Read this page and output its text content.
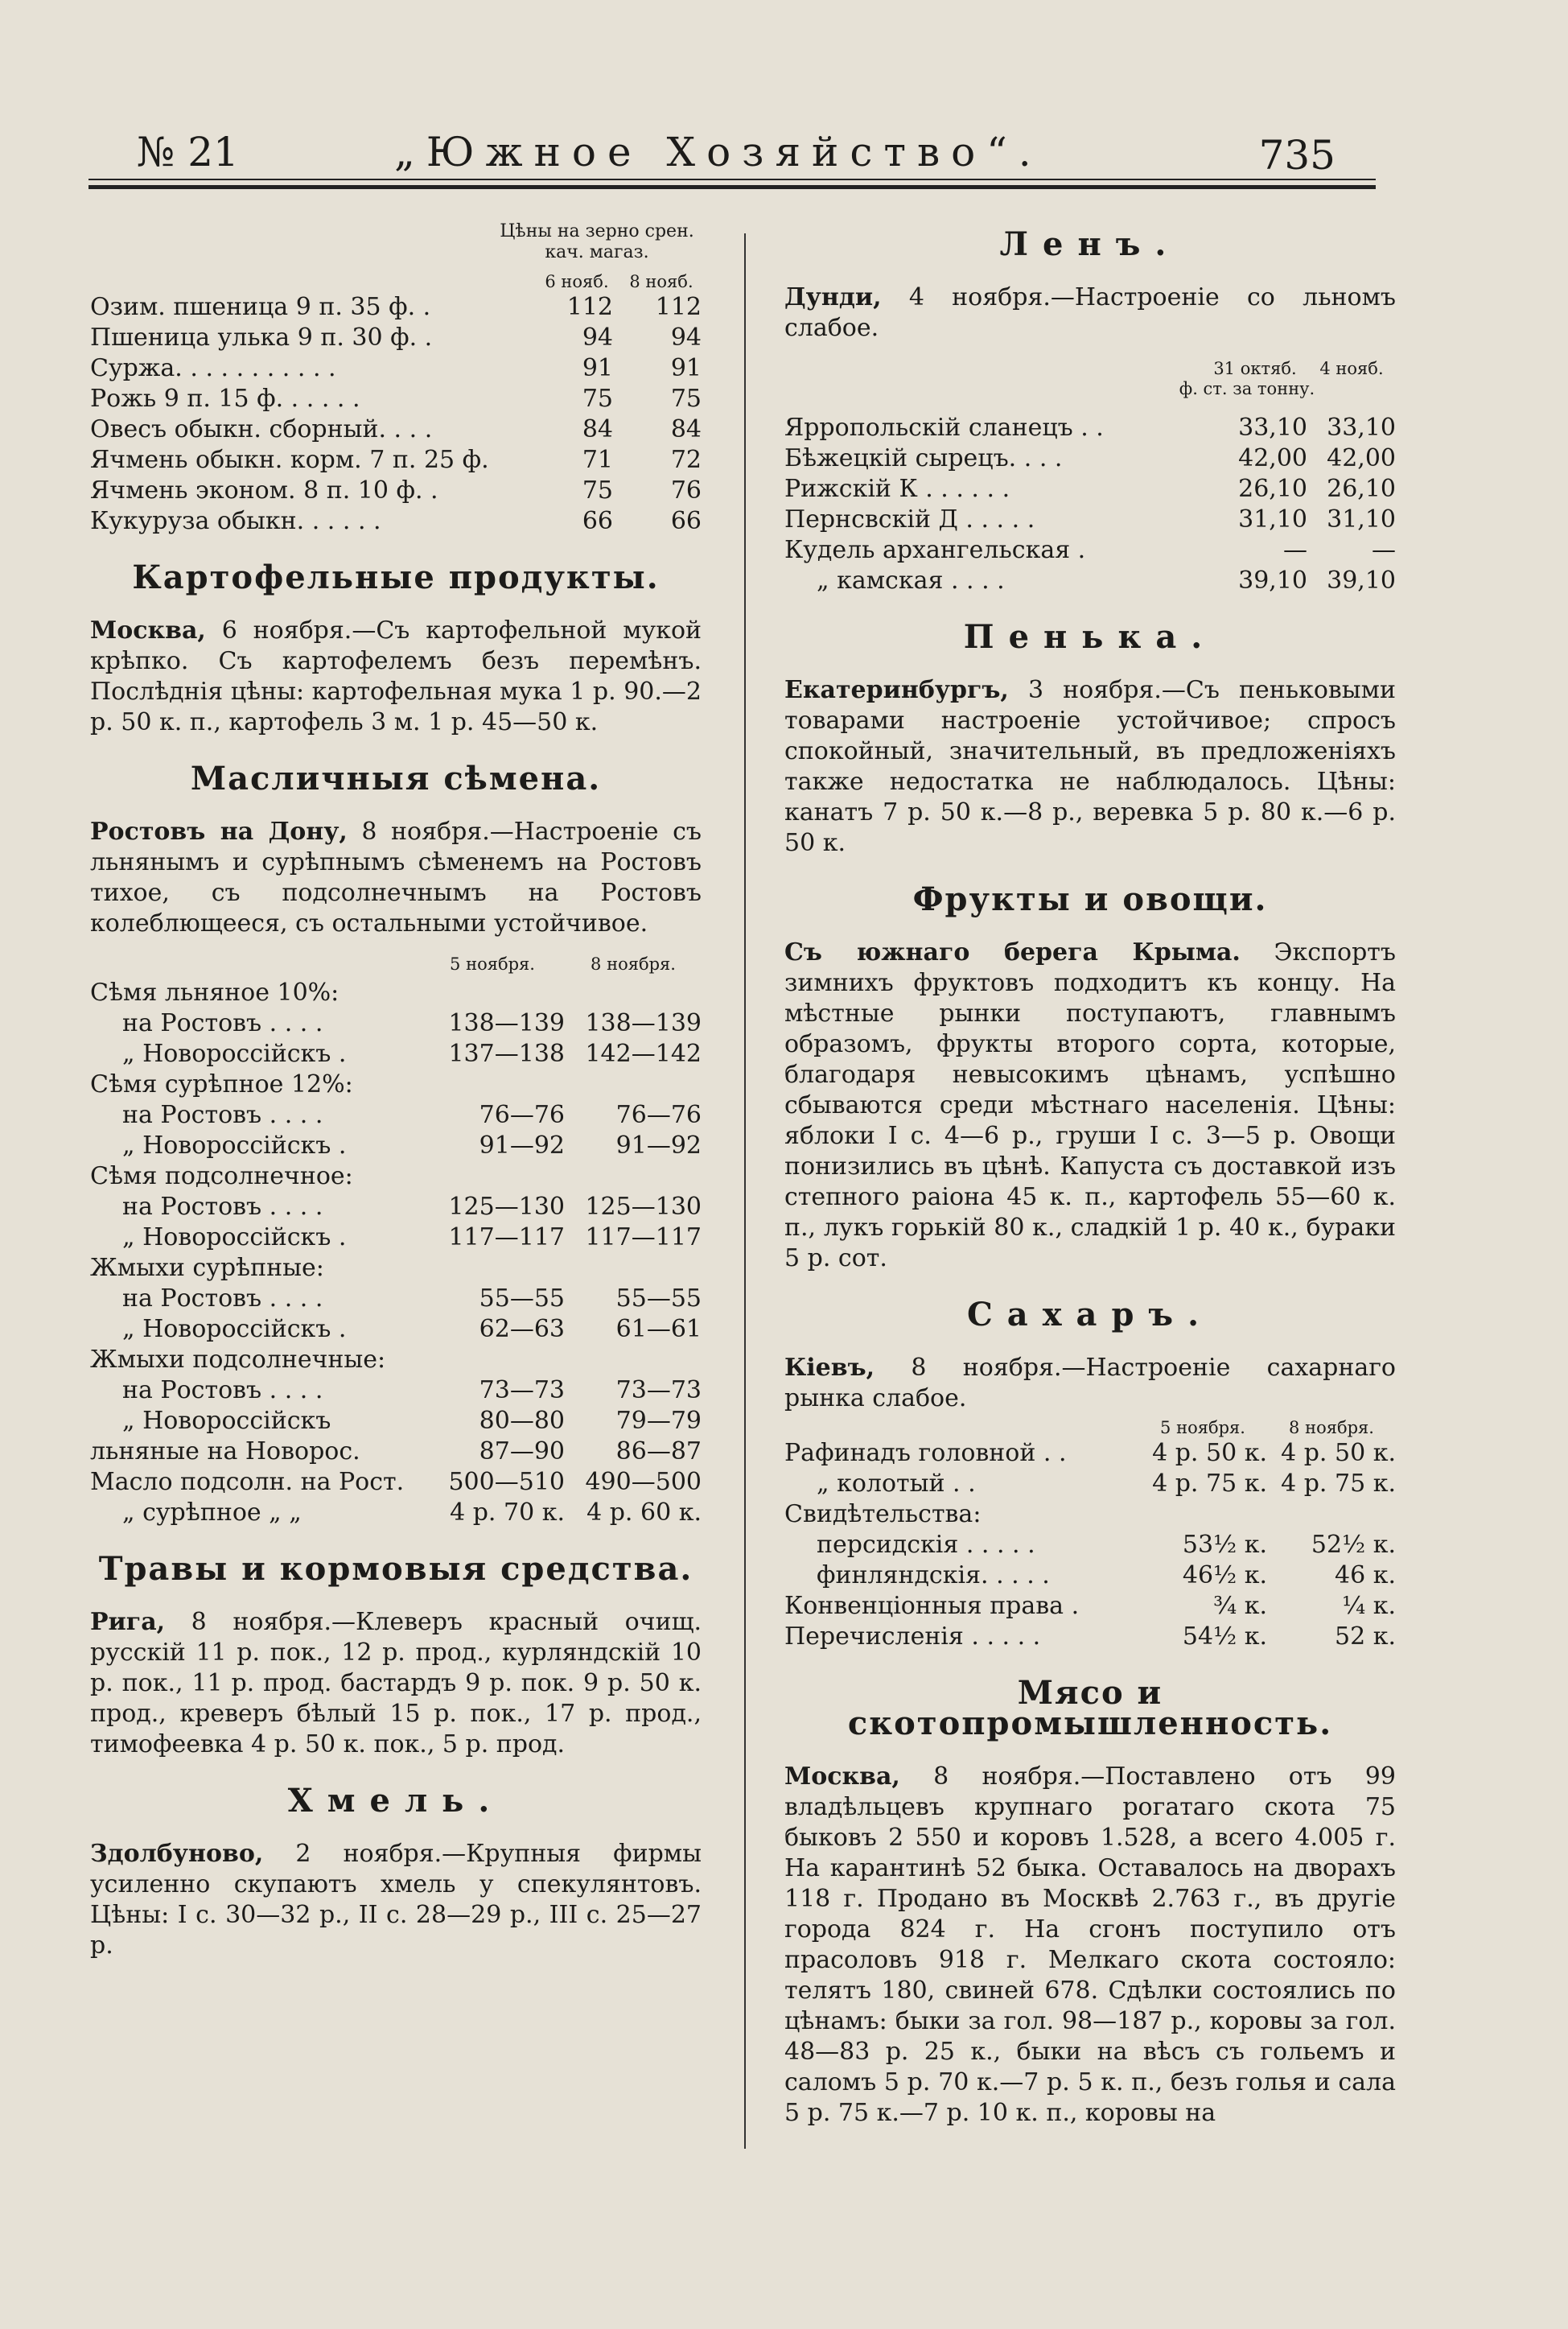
№ 21	„Южное Хозяйство“.	735
Цѣны на зерно срен. кач. магаз.
6 нояб.	8 нояб.
Озим. пшеница 9 п. 35 ф. .	112	112
Пшеница улька 9 п. 30 ф. .	94	94
Суржа. . . . . . . . . . .	91	91
Рожь 9 п. 15 ф. . . . . .	75	75
Овесъ обыкн. сборный. . . .	84	84
Ячмень обыкн. корм. 7 п. 25 ф.	71	72
Ячмень эконом. 8 п. 10 ф. .	75	76
Кукуруза обыкн. . . . . .	66	66
Картофельные продукты.

Москва, 6 ноября.—Съ картофельной мукой крѣпко. Съ картофелемъ безъ перемѣнъ. Послѣднія цѣны: картофельная мука 1 р. 90.—2 р. 50 к. п., картофель 3 м. 1 р. 45—50 к.

Масличныя сѣмена.

Ростовъ на Дону, 8 ноября.—Настроеніе съ льнянымъ и сурѣпнымъ сѣменемъ на Ростовъ тихое, съ подсолнечнымъ на Ростовъ колеблющееся, съ остальными устойчивое.

5 ноября.	8 ноября.
Сѣмя льняное 10%:
на Ростовъ . . . .	138—139 138—139
„ Новороссійскъ .	137—138 142—142
Сѣмя сурѣпное 12%:
на Ростовъ . . . .	76—76	76—76
„ Новороссійскъ .	91—92	91—92
Сѣмя подсолнечное:
на Ростовъ . . . .	125—130 125—130
„ Новороссійскъ .	117—117 117—117
Жмыхи сурѣпные:
на Ростовъ . . . .	55—55	55—55
„ Новороссійскъ .	62—63	61—61
Жмыхи подсолнечные:
на Ростовъ . . . .	73—73	73—73
„ Новороссійскъ	80—80	79—79
льняные на Новорос.	87—90	86—87
Масло подсолн. на Рост.	500—510 490—500
„ сурѣпное „ „	4 р. 70 к. 4 р. 60 к.
Травы и кормовыя средства.

Рига, 8 ноября.—Клеверъ красный очищ. русскій 11 р. пок., 12 р. прод., курляндскій 10 р. пок., 11 р. прод. бастардъ 9 р. пок. 9 р. 50 к. прод., креверъ бѣлый 15 р. пок., 17 р. прод., тимофеевка 4 р. 50 к. пок., 5 р. прод.

Хмель.

Здолбуново, 2 ноября.—Крупныя фирмы усиленно скупаютъ хмель у спекулянтовъ. Цѣны: I с. 30—32 р., II с. 28—29 р., III с. 25—27 р.

Ленъ.

Дунди, 4 ноября.—Настроеніе со льномъ слабое.

31 октяб.	4 нояб.
ф. ст. за тонну.
Ярропольскій сланецъ . .	33,10 33,10
Бѣжецкій сырецъ. . . .	42,00 42,00
Рижскій К . . . . . .	26,10 26,10
Пернсвскій Д . . . . .	31,10 31,10
Кудель архангельская .	—	—
„ камская . . . .	39,10 39,10
Пенька.

Екатеринбургъ, 3 ноября.—Съ пеньковыми товарами настроеніе устойчивое; спросъ спокойный, значительный, въ предложеніяхъ также недостатка не наблюдалось. Цѣны: канатъ 7 р. 50 к.—8 р., веревка 5 р. 80 к.—6 р. 50 к.

Фрукты и овощи.

Съ южнаго берега Крыма. Экспортъ зимнихъ фруктовъ подходитъ къ концу. На мѣстные рынки поступаютъ, главнымъ образомъ, фрукты второго сорта, которые, благодаря невысокимъ цѣнамъ, успѣшно сбываются среди мѣстнаго населенія. Цѣны: яблоки I с. 4—6 р., груши I с. 3—5 р. Овощи понизились въ цѣнѣ. Капуста съ доставкой изъ степного раіона 45 к. п., картофель 55—60 к. п., лукъ горькій 80 к., сладкій 1 р. 40 к., бураки 5 р. сот.

Сахаръ.

Кіевъ, 8 ноября.—Настроеніе сахарнаго рынка слабое.

5 ноября.	8 ноября.
Рафинадъ головной . .	4 р. 50 к. 4 р. 50 к.
„ колотый . .	4 р. 75 к. 4 р. 75 к.
Свидѣтельства:
персидскія . . . . .	53½ к.	52½ к.
финляндскія. . . . .	46½ к.	46 к.
Конвенціонныя права .	¾ к.	¼ к.
Перечисленія . . . . .	54½ к.	52 к.
Мясо и скотопромышленность.

Москва, 8 ноября.—Поставлено отъ 99 владѣльцевъ крупнаго рогатаго скота 75 быковъ 2 550 и коровъ 1.528, а всего 4.005 г. На карантинѣ 52 быка. Оставалось на дворахъ 118 г. Продано въ Москвѣ 2.763 г., въ другіе города 824 г. На сгонъ поступило отъ прасоловъ 918 г. Мелкаго скота состояло: телятъ 180, свиней 678. Сдѣлки состоялись по цѣнамъ: быки за гол. 98—187 р., коровы за гол. 48—83 р. 25 к., быки на вѣсъ съ гольемъ и саломъ 5 р. 70 к.—7 р. 5 к. п., безъ голья и сала 5 р. 75 к.—7 р. 10 к. п., коровы на
